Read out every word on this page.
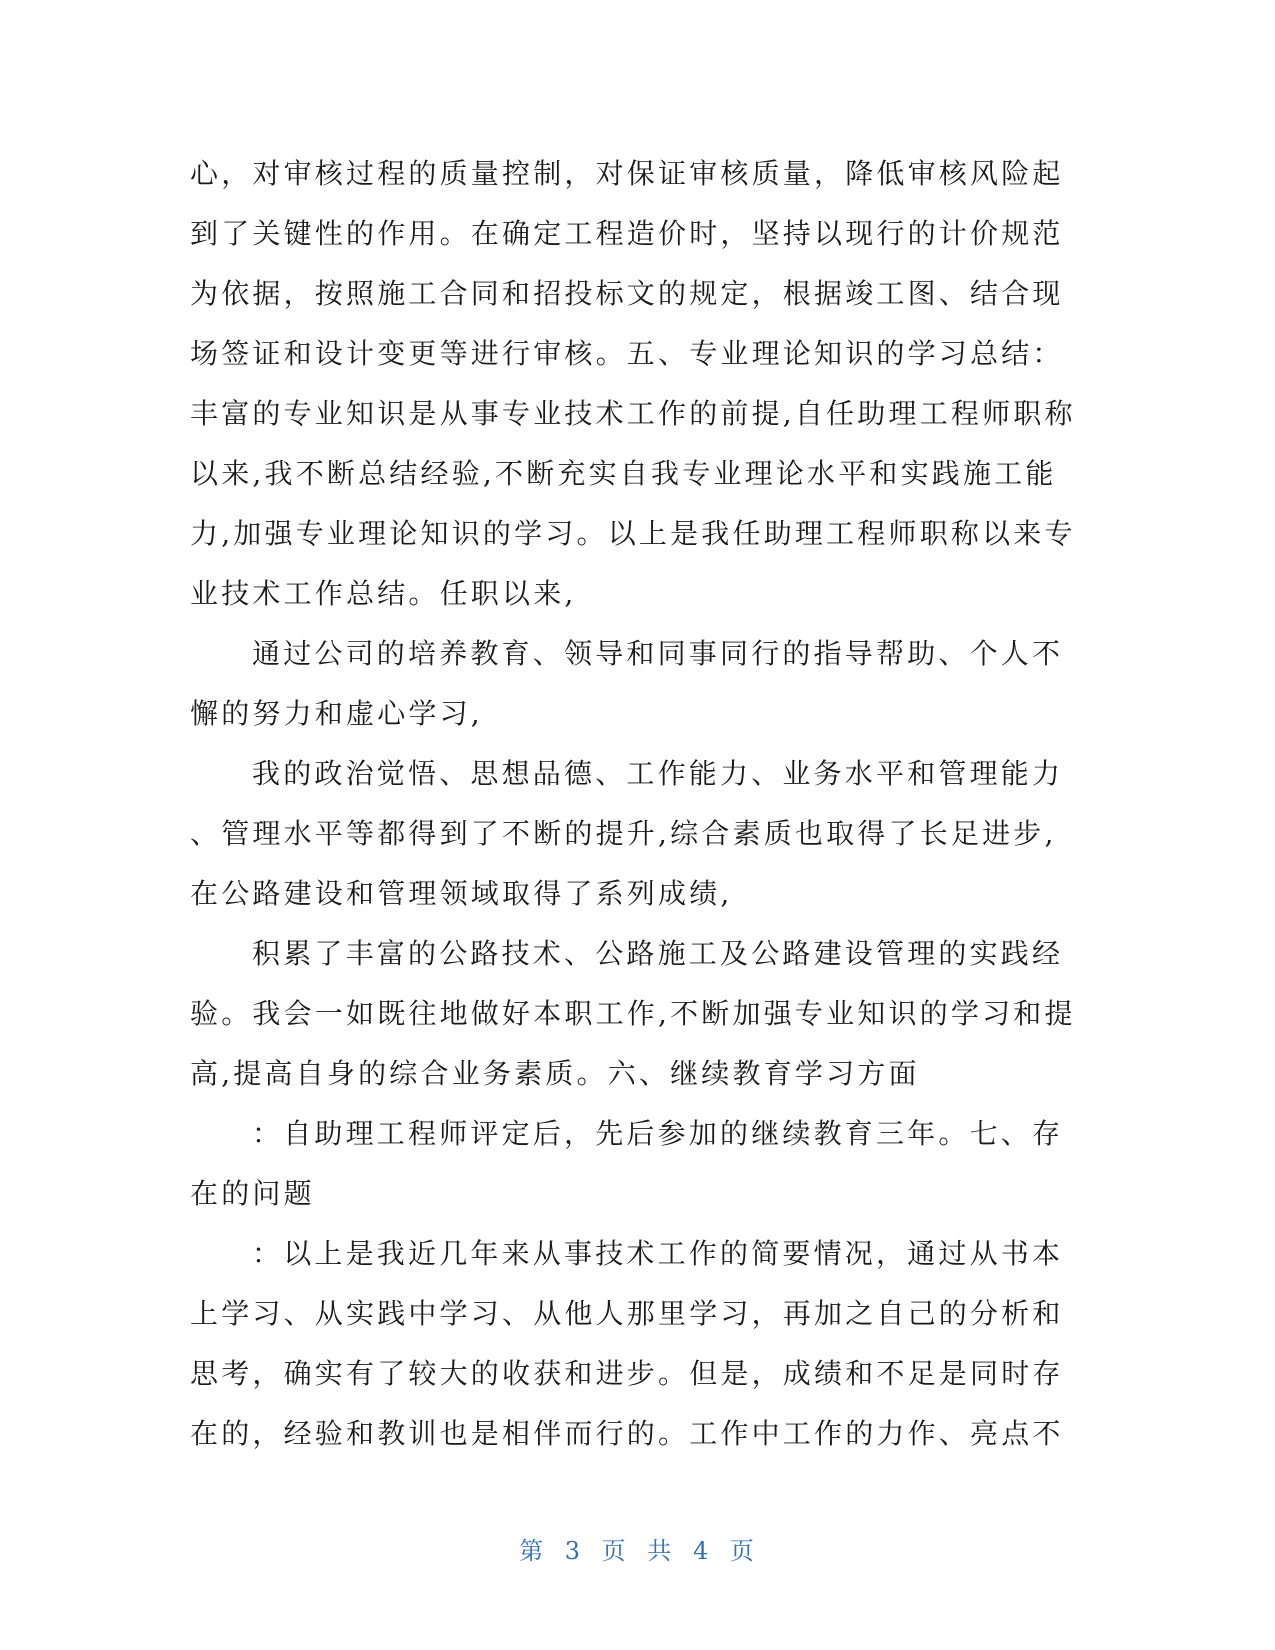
心，对审核过程的质量控制，对保证审核质量，降低审核风险起
到了关键性的作用。在确定工程造价时，坚持以现行的计价规范
为依据，按照施工合同和招投标文的规定，根据竣工图、结合现
场签证和设计变更等进行审核。五、专业理论知识的学习总结：
丰富的专业知识是从事专业技术工作的前提,自任助理工程师职称
以来,我不断总结经验,不断充实自我专业理论水平和实践施工能
力,加强专业理论知识的学习。以上是我任助理工程师职称以来专
业技术工作总结。任职以来,
通过公司的培养教育、领导和同事同行的指导帮助、个人不
懈的努力和虚心学习,
我的政治觉悟、思想品德、工作能力、业务水平和管理能力
、管理水平等都得到了不断的提升,综合素质也取得了长足进步,
在公路建设和管理领域取得了系列成绩,
积累了丰富的公路技术、公路施工及公路建设管理的实践经
验。我会一如既往地做好本职工作,不断加强专业知识的学习和提
高,提高自身的综合业务素质。六、继续教育学习方面
：自助理工程师评定后，先后参加的继续教育三年。七、存
在的问题
：以上是我近几年来从事技术工作的简要情况，通过从书本
上学习、从实践中学习、从他人那里学习，再加之自己的分析和
思考，确实有了较大的收获和进步。但是，成绩和不足是同时存
在的，经验和教训也是相伴而行的。工作中工作的力作、亮点不
第 3 页 共 4 页
